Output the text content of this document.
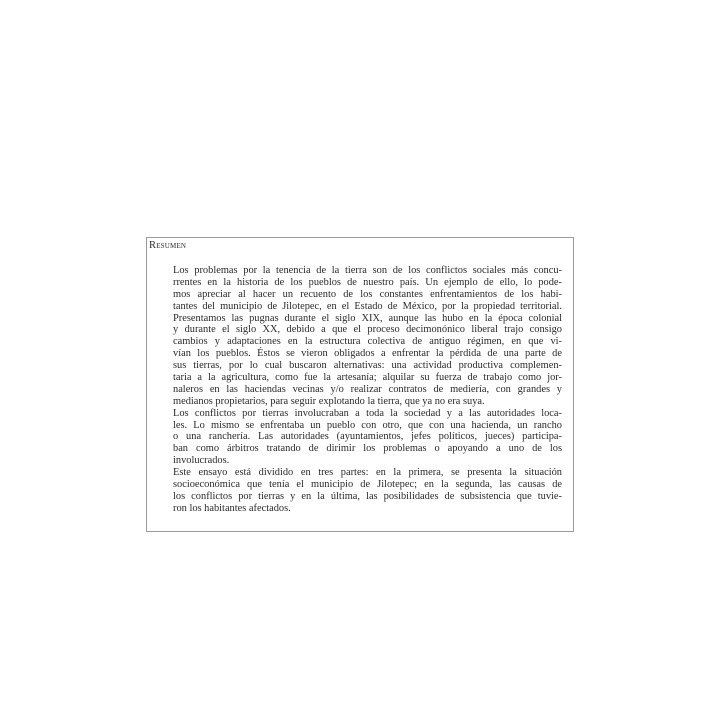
Resumen
Los problemas por la tenencia de la tierra son de los conflictos sociales más concu-
rrentes en la historia de los pueblos de nuestro país. Un ejemplo de ello, lo pode-
mos apreciar al hacer un recuento de los constantes enfrentamientos de los habi-
tantes del municipio de Jilotepec, en el Estado de México, por la propiedad territorial.
Presentamos las pugnas durante el siglo XIX, aunque las hubo en la época colonial
y durante el siglo XX, debido a que el proceso decimonónico liberal trajo consigo
cambios y adaptaciones en la estructura colectiva de antiguo régimen, en que vi-
vían los pueblos. Éstos se vieron obligados a enfrentar la pérdida de una parte de
sus tierras, por lo cual buscaron alternativas: una actividad productiva complemen-
taria a la agricultura, como fue la artesanía; alquilar su fuerza de trabajo como jor-
naleros en las haciendas vecinas y/o realizar contratos de mediería, con grandes y
medianos propietarios, para seguir explotando la tierra, que ya no era suya.
Los conflictos por tierras involucraban a toda la sociedad y a las autoridades loca-
les. Lo mismo se enfrentaba un pueblo con otro, que con una hacienda, un rancho
o una ranchería. Las autoridades (ayuntamientos, jefes políticos, jueces) participa-
ban como árbitros tratando de dirimir los problemas o apoyando a uno de los
involucrados.
Este ensayo está dividido en tres partes: en la primera, se presenta la situación
socioeconómica que tenía el municipio de Jilotepec; en la segunda, las causas de
los conflictos por tierras y en la última, las posibilidades de subsistencia que tuvie-
ron los habitantes afectados.
